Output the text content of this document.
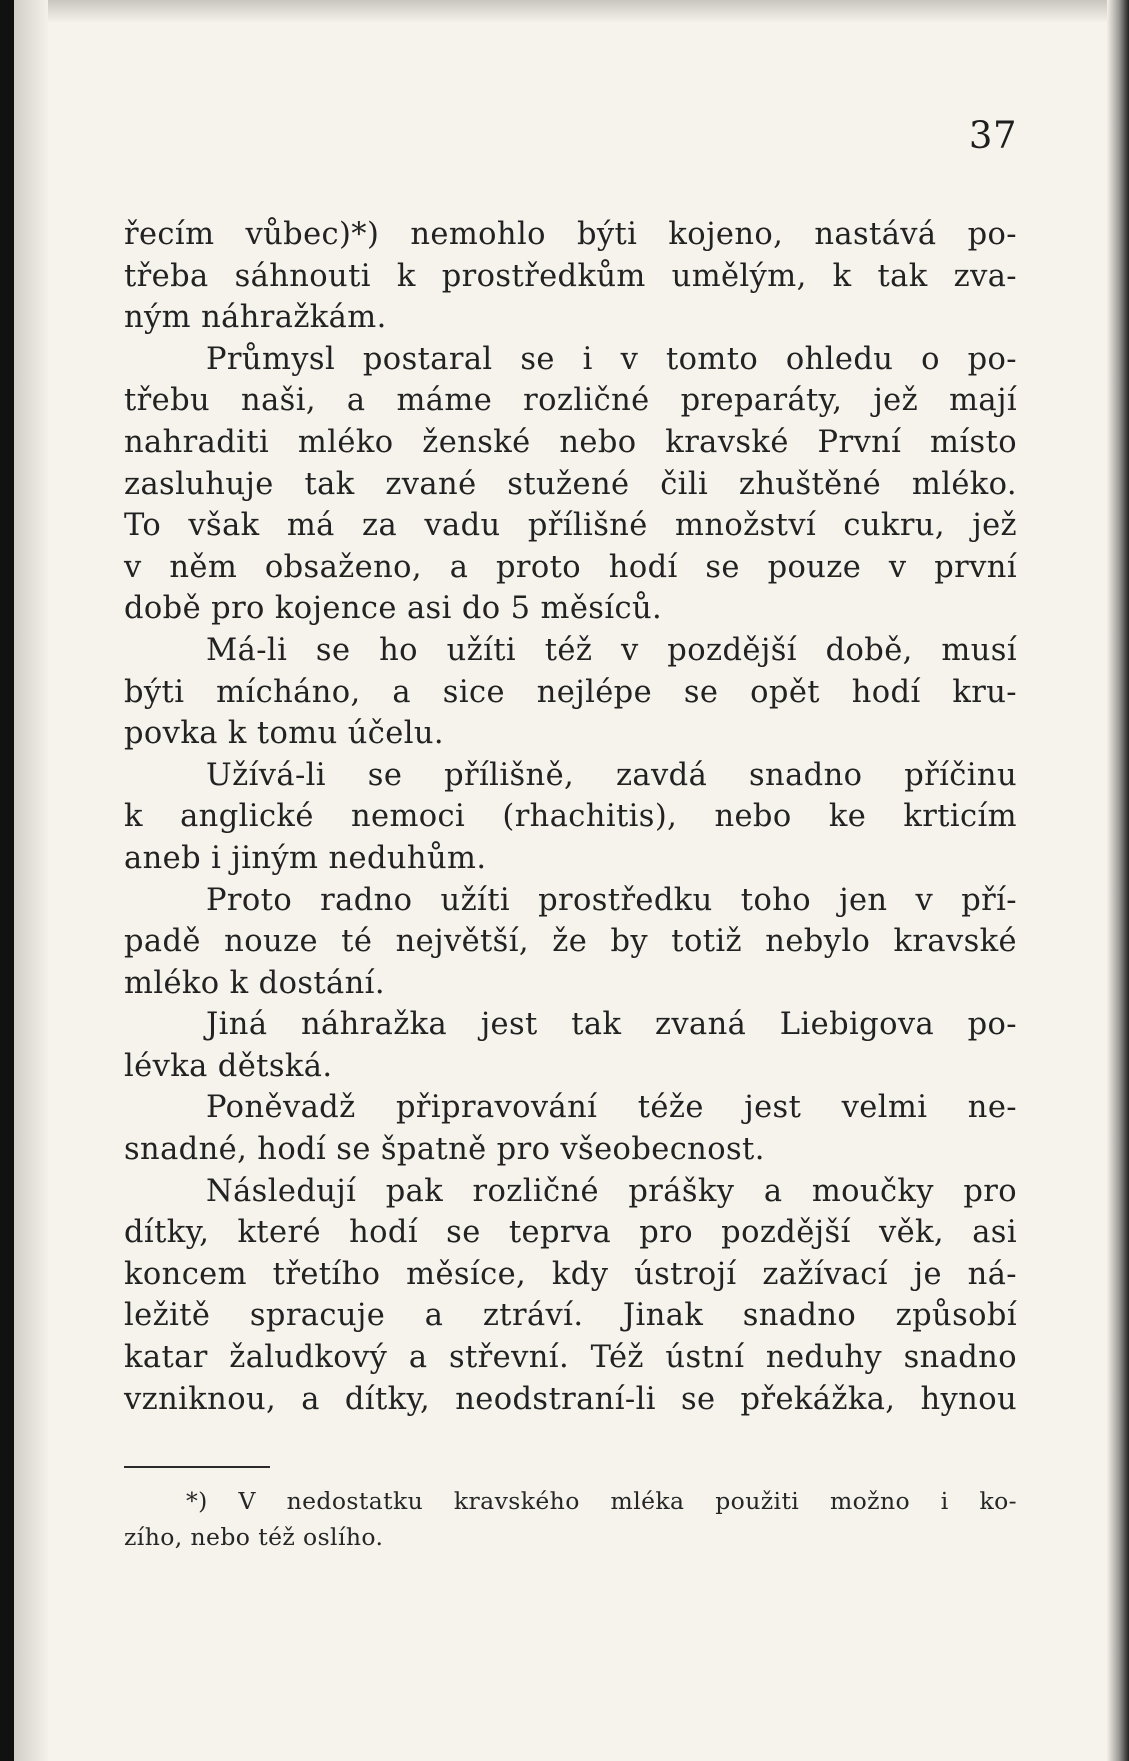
37
řecím vůbec)*) nemohlo býti kojeno, nastává po-
třeba sáhnouti k prostředkům umělým, k tak zva-
ným náhražkám.
Průmysl postaral se i v tomto ohledu o po-
třebu naši, a máme rozličné preparáty, jež mají
nahraditi mléko ženské nebo kravské První místo
zasluhuje tak zvané stužené čili zhuštěné mléko.
To však má za vadu přílišné množství cukru, jež
v něm obsaženo, a proto hodí se pouze v první
době pro kojence asi do 5 měsíců.
Má-li se ho užíti též v pozdější době, musí
býti mícháno, a sice nejlépe se opět hodí kru-
povka k tomu účelu.
Užívá-li se přílišně, zavdá snadno příčinu
k anglické nemoci (rhachitis), nebo ke krticím
aneb i jiným neduhům.
Proto radno užíti prostředku toho jen v pří-
padě nouze té největší, že by totiž nebylo kravské
mléko k dostání.
Jiná náhražka jest tak zvaná Liebigova po-
lévka dětská.
Poněvadž připravování téže jest velmi ne-
snadné, hodí se špatně pro všeobecnost.
Následují pak rozličné prášky a moučky pro
dítky, které hodí se teprva pro pozdější věk, asi
koncem třetího měsíce, kdy ústrojí zažívací je ná-
ležitě spracuje a ztráví. Jinak snadno způsobí
katar žaludkový a střevní. Též ústní neduhy snadno
vzniknou, a dítky, neodstraní-li se překážka, hynou
*) V nedostatku kravského mléka použiti možno i ko-
zího, nebo též oslího.
